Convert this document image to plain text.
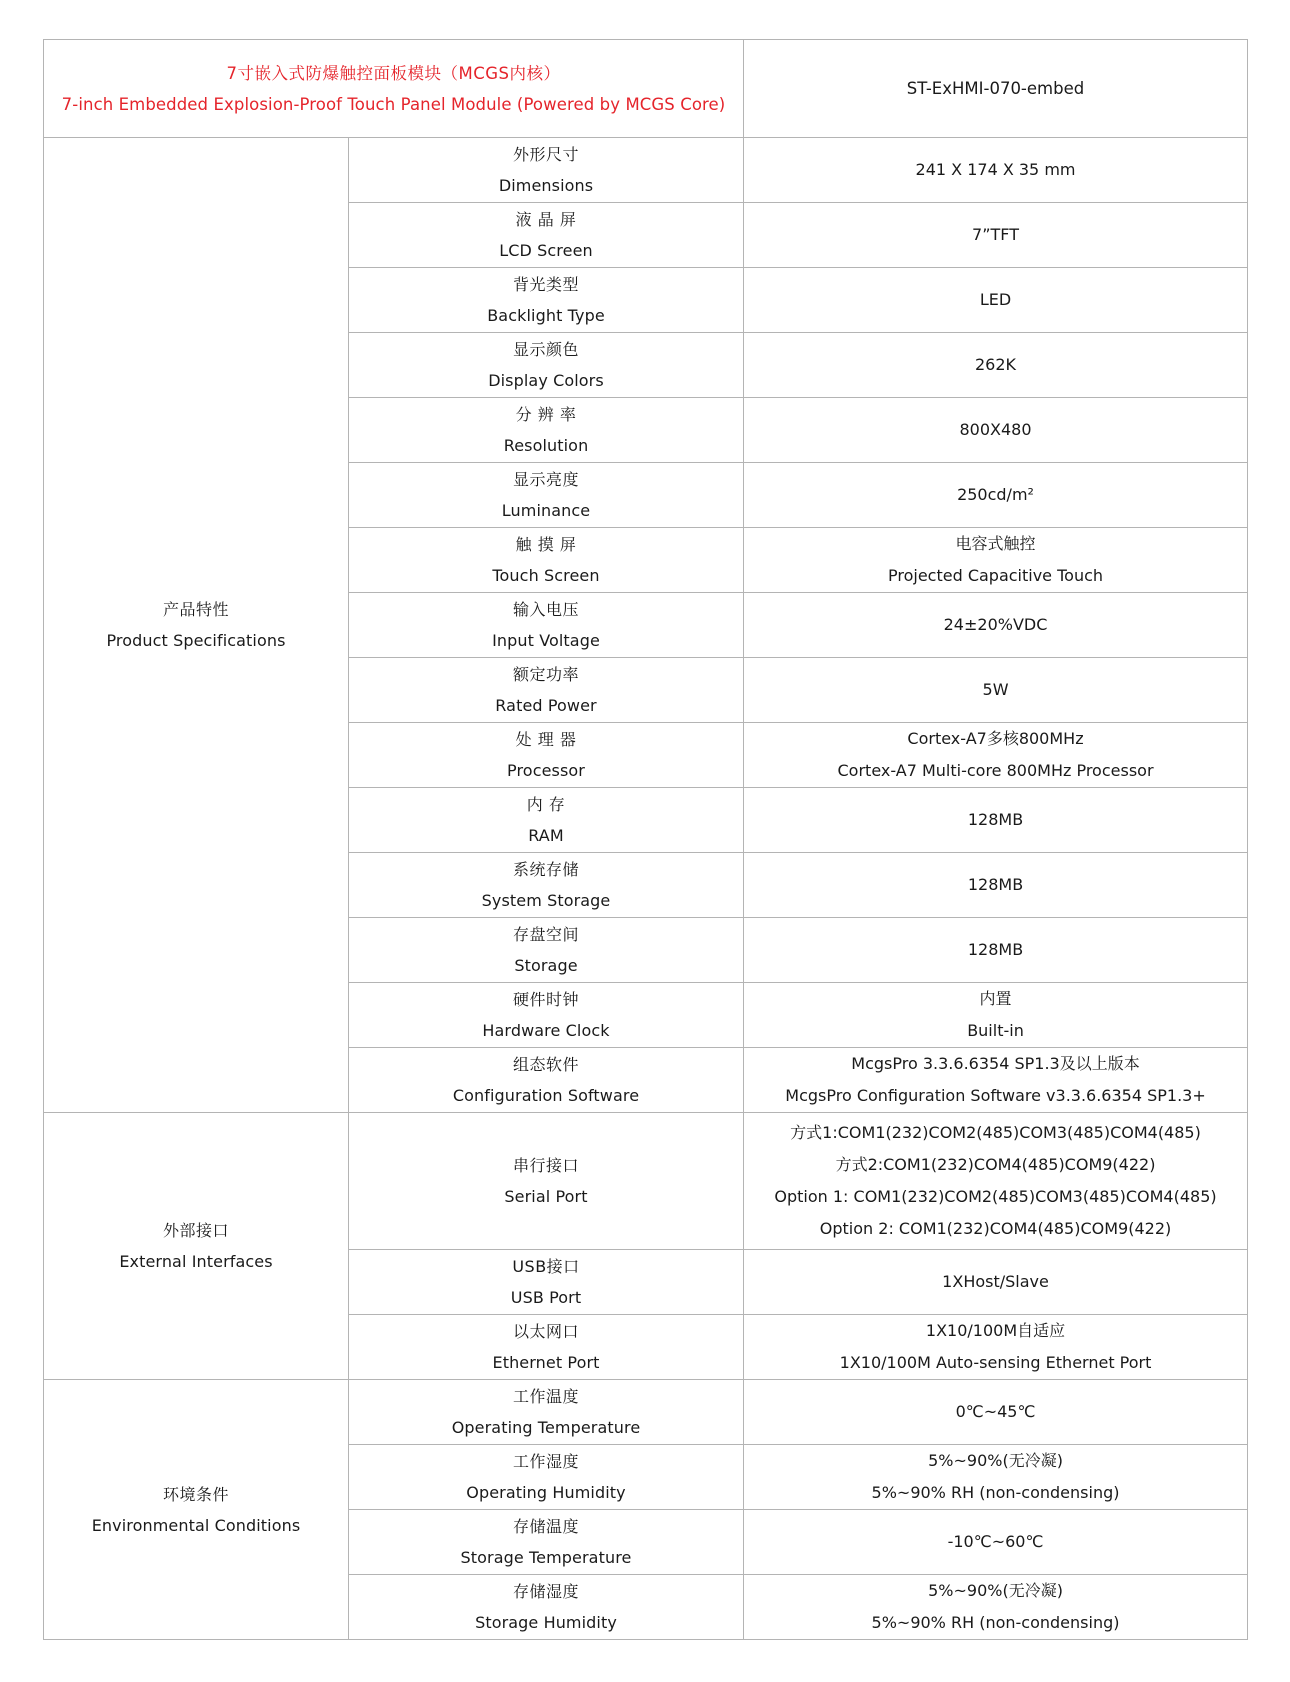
7寸嵌入式防爆触控面板模块（MCGS内核）
7-inch Embedded Explosion-Proof Touch Panel Module (Powered by MCGS Core)		ST-ExHMI-070-embed

产品特性
Product Specifications	外形尺寸
Dimensions	241 X 174 X 35 mm

	液 晶 屏
LCD Screen	7”TFT

	背光类型
Backlight Type	LED

	显示颜色
Display Colors	262K

	分 辨 率
Resolution	800X480

	显示亮度
Luminance	250cd/m²

	触 摸 屏
Touch Screen	电容式触控
Projected Capacitive Touch

	输入电压
Input Voltage	24±20%VDC

	额定功率
Rated Power	5W

	处 理 器
Processor	Cortex-A7多核800MHz
Cortex-A7 Multi-core 800MHz Processor

	内 存
RAM	128MB

	系统存储
System Storage	128MB

	存盘空间
Storage	128MB

	硬件时钟
Hardware Clock	内置
Built-in

	组态软件
Configuration Software	McgsPro 3.3.6.6354 SP1.3及以上版本
McgsPro Configuration Software v3.3.6.6354 SP1.3+

外部接口
External Interfaces	串行接口
Serial Port	方式1:COM1(232)COM2(485)COM3(485)COM4(485)
方式2:COM1(232)COM4(485)COM9(422)
Option 1: COM1(232)COM2(485)COM3(485)COM4(485)
Option 2: COM1(232)COM4(485)COM9(422)

	USB接口
USB Port	1XHost/Slave

	以太网口
Ethernet Port	1X10/100M自适应
1X10/100M Auto-sensing Ethernet Port

环境条件
Environmental Conditions	工作温度
Operating Temperature	0℃~45℃

	工作湿度
Operating Humidity	5%~90%(无冷凝)
5%~90% RH (non-condensing)

	存储温度
Storage Temperature	-10℃~60℃

	存储湿度
Storage Humidity	5%~90%(无冷凝)
5%~90% RH (non-condensing)
